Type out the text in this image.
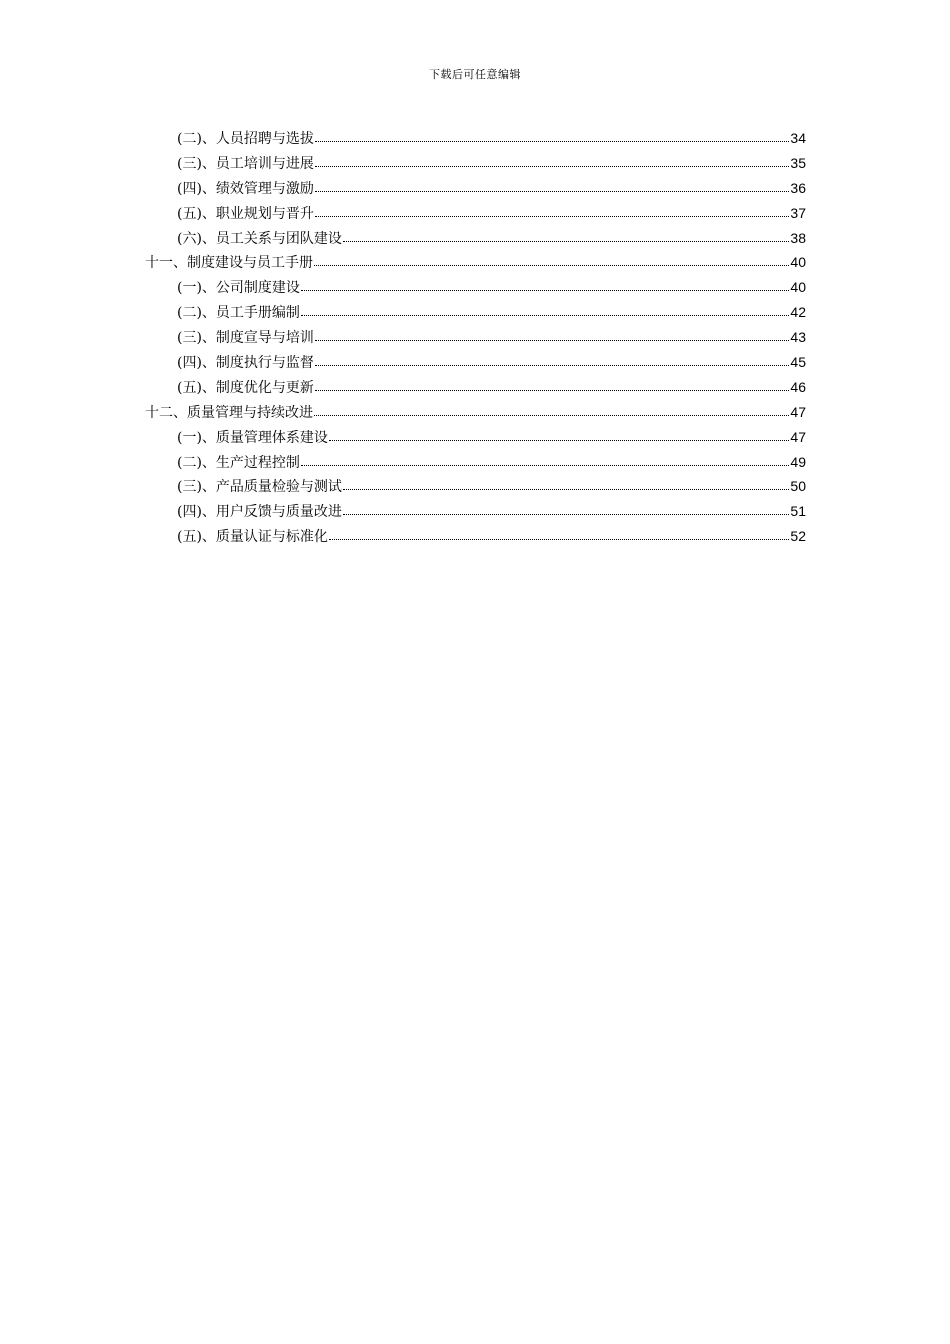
下载后可任意编辑
(二)、人员招聘与选拔	34
(三)、员工培训与进展	35
(四)、绩效管理与激励	36
(五)、职业规划与晋升	37
(六)、员工关系与团队建设	38
十一、制度建设与员工手册	40
(一)、公司制度建设	40
(二)、员工手册编制	42
(三)、制度宣导与培训	43
(四)、制度执行与监督	45
(五)、制度优化与更新	46
十二、质量管理与持续改进	47
(一)、质量管理体系建设	47
(二)、生产过程控制	49
(三)、产品质量检验与测试	50
(四)、用户反馈与质量改进	51
(五)、质量认证与标准化	52
